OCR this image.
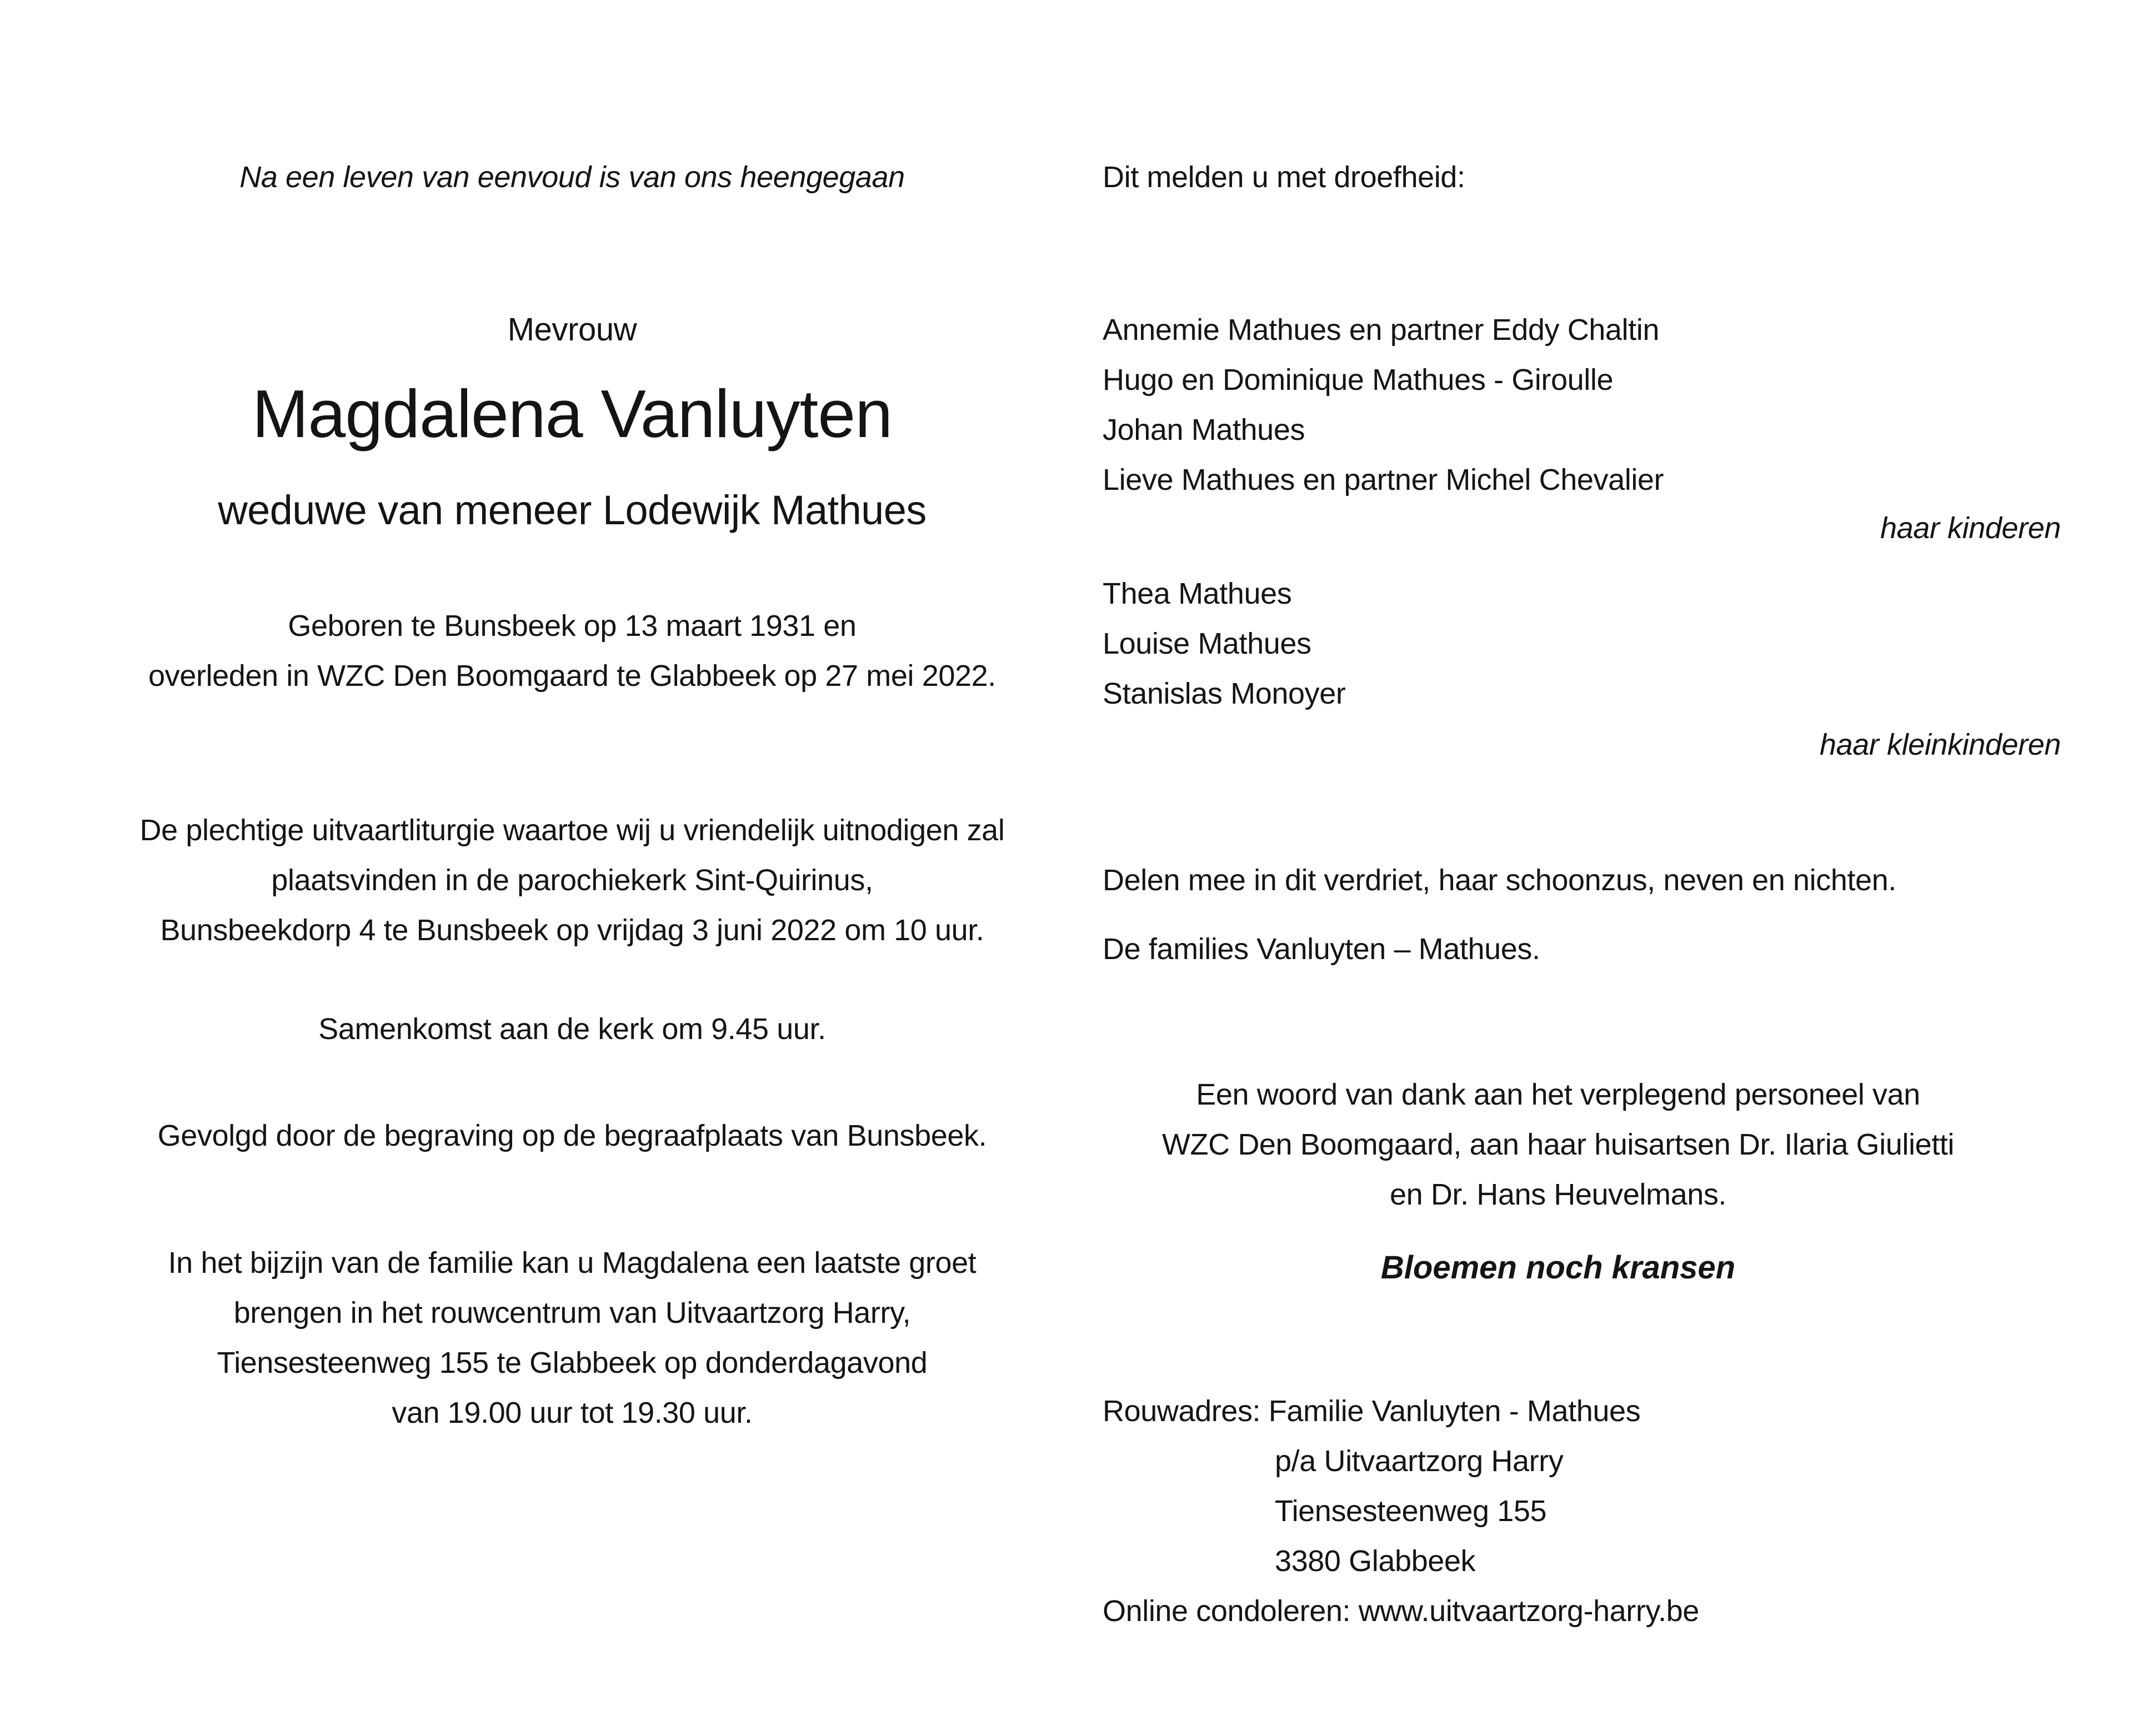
Na een leven van eenvoud is van ons heengegaan
Mevrouw
Magdalena Vanluyten
weduwe van meneer Lodewijk Mathues
Geboren te Bunsbeek op 13 maart 1931 en
overleden in WZC Den Boomgaard te Glabbeek op 27 mei 2022.
De plechtige uitvaartliturgie waartoe wij u vriendelijk uitnodigen zal
plaatsvinden in de parochiekerk Sint-Quirinus,
Bunsbeekdorp 4 te Bunsbeek op vrijdag 3 juni 2022 om 10 uur.
Samenkomst aan de kerk om 9.45 uur.
Gevolgd door de begraving op de begraafplaats van Bunsbeek.
In het bijzijn van de familie kan u Magdalena een laatste groet
brengen in het rouwcentrum van Uitvaartzorg Harry,
Tiensesteenweg 155 te Glabbeek op donderdagavond
van 19.00 uur tot 19.30 uur.
Dit melden u met droefheid:
Annemie Mathues en partner Eddy Chaltin
Hugo en Dominique Mathues - Giroulle
Johan Mathues
Lieve Mathues en partner Michel Chevalier
haar kinderen
Thea Mathues
Louise Mathues
Stanislas Monoyer
haar kleinkinderen
Delen mee in dit verdriet, haar schoonzus, neven en nichten.
De families Vanluyten – Mathues.
Een woord van dank aan het verplegend personeel van
WZC Den Boomgaard, aan haar huisartsen Dr. Ilaria Giulietti
en Dr. Hans Heuvelmans.
Bloemen noch kransen
Rouwadres: Familie Vanluyten - Mathues
p/a Uitvaartzorg Harry
Tiensesteenweg 155
3380 Glabbeek
Online condoleren: www.uitvaartzorg-harry.be
